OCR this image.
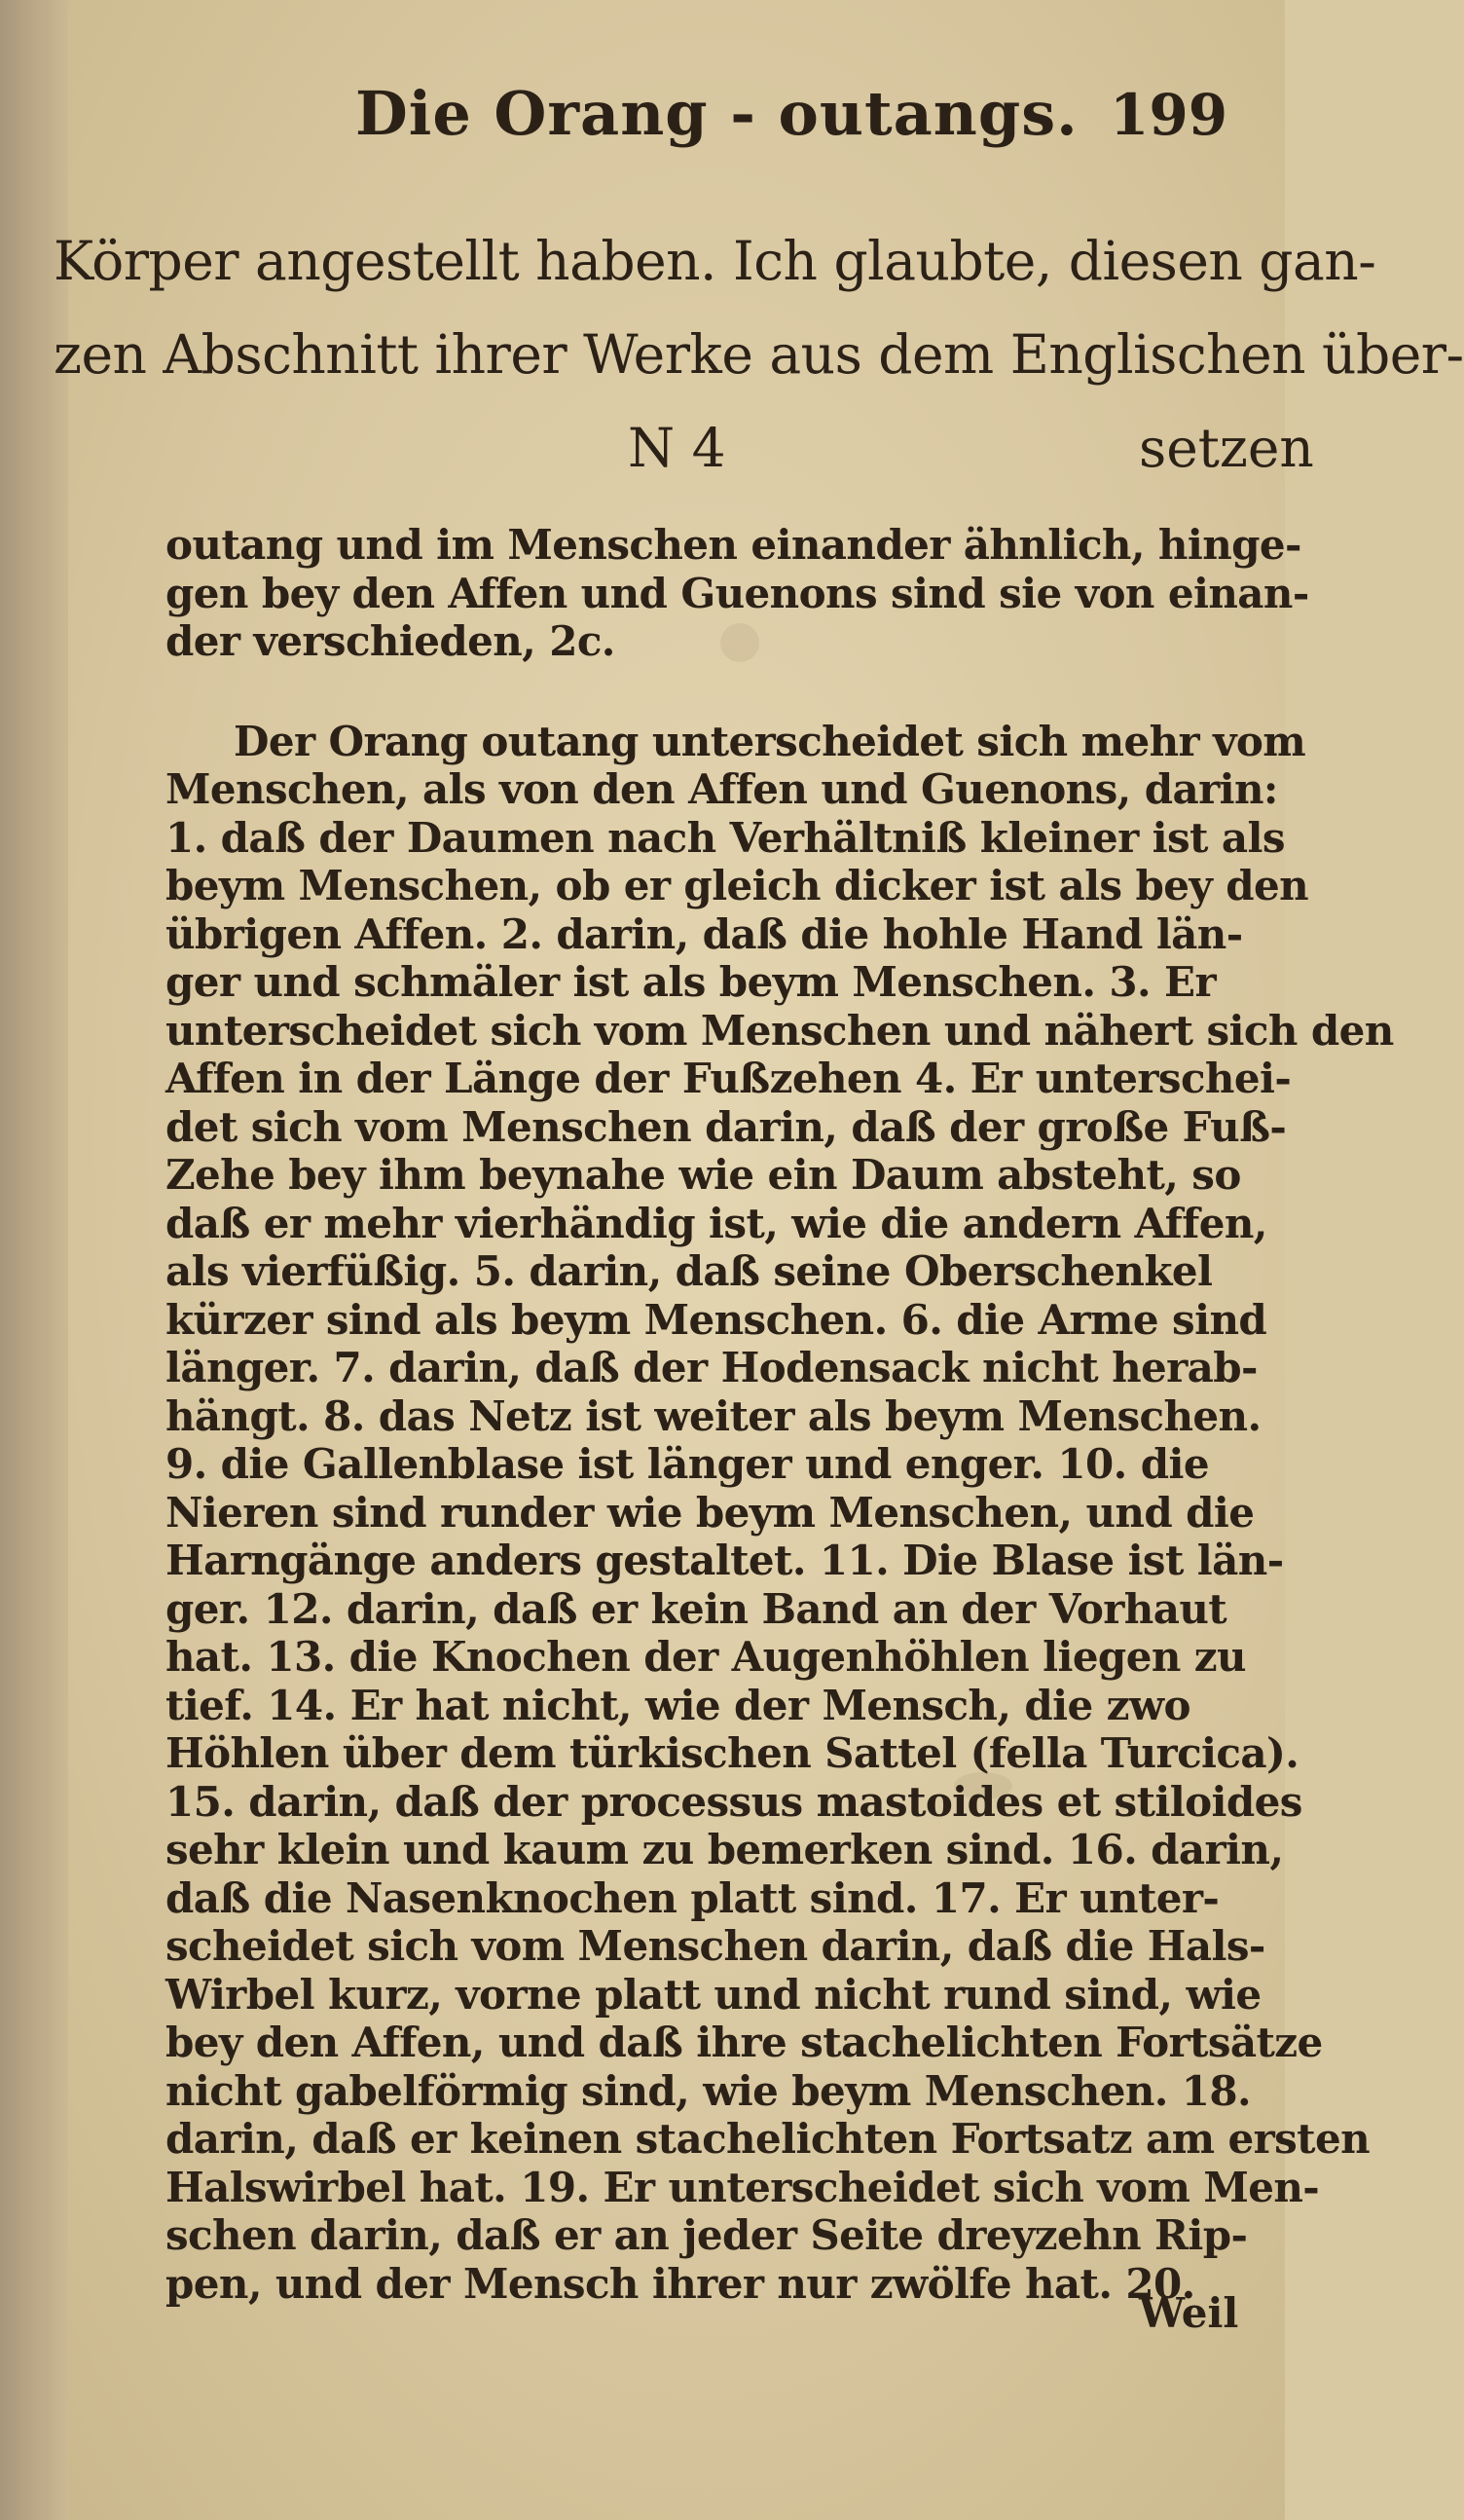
Die Orang - outangs. 199
Körper angestellt haben. Ich glaubte, diesen gan-
zen Abschnitt ihrer Werke aus dem Englischen über-
N 4	setzen
outang und im Menschen einander ähnlich, hinge-
gen bey den Affen und Guenons sind sie von einan-
der verschieden, 2c.
Der Orang outang unterscheidet sich mehr vom
Menschen, als von den Affen und Guenons, darin:
1. daß der Daumen nach Verhältniß kleiner ist als
beym Menschen, ob er gleich dicker ist als bey den
übrigen Affen. 2. darin, daß die hohle Hand län-
ger und schmäler ist als beym Menschen. 3. Er
unterscheidet sich vom Menschen und nähert sich den
Affen in der Länge der Fußzehen 4. Er unterschei-
det sich vom Menschen darin, daß der große Fuß-
Zehe bey ihm beynahe wie ein Daum absteht, so
daß er mehr vierhändig ist, wie die andern Affen,
als vierfüßig. 5. darin, daß seine Oberschenkel
kürzer sind als beym Menschen. 6. die Arme sind
länger. 7. darin, daß der Hodensack nicht herab-
hängt. 8. das Netz ist weiter als beym Menschen.
9. die Gallenblase ist länger und enger. 10. die
Nieren sind runder wie beym Menschen, und die
Harngänge anders gestaltet. 11. Die Blase ist län-
ger. 12. darin, daß er kein Band an der Vorhaut
hat. 13. die Knochen der Augenhöhlen liegen zu
tief. 14. Er hat nicht, wie der Mensch, die zwo
Höhlen über dem türkischen Sattel (fella Turcica).
15. darin, daß der processus mastoides et stiloides
sehr klein und kaum zu bemerken sind. 16. darin,
daß die Nasenknochen platt sind. 17. Er unter-
scheidet sich vom Menschen darin, daß die Hals-
Wirbel kurz, vorne platt und nicht rund sind, wie
bey den Affen, und daß ihre stachelichten Fortsätze
nicht gabelförmig sind, wie beym Menschen. 18.
darin, daß er keinen stachelichten Fortsatz am ersten
Halswirbel hat. 19. Er unterscheidet sich vom Men-
schen darin, daß er an jeder Seite dreyzehn Rip-
pen, und der Mensch ihrer nur zwölfe hat. 20.
Weil
